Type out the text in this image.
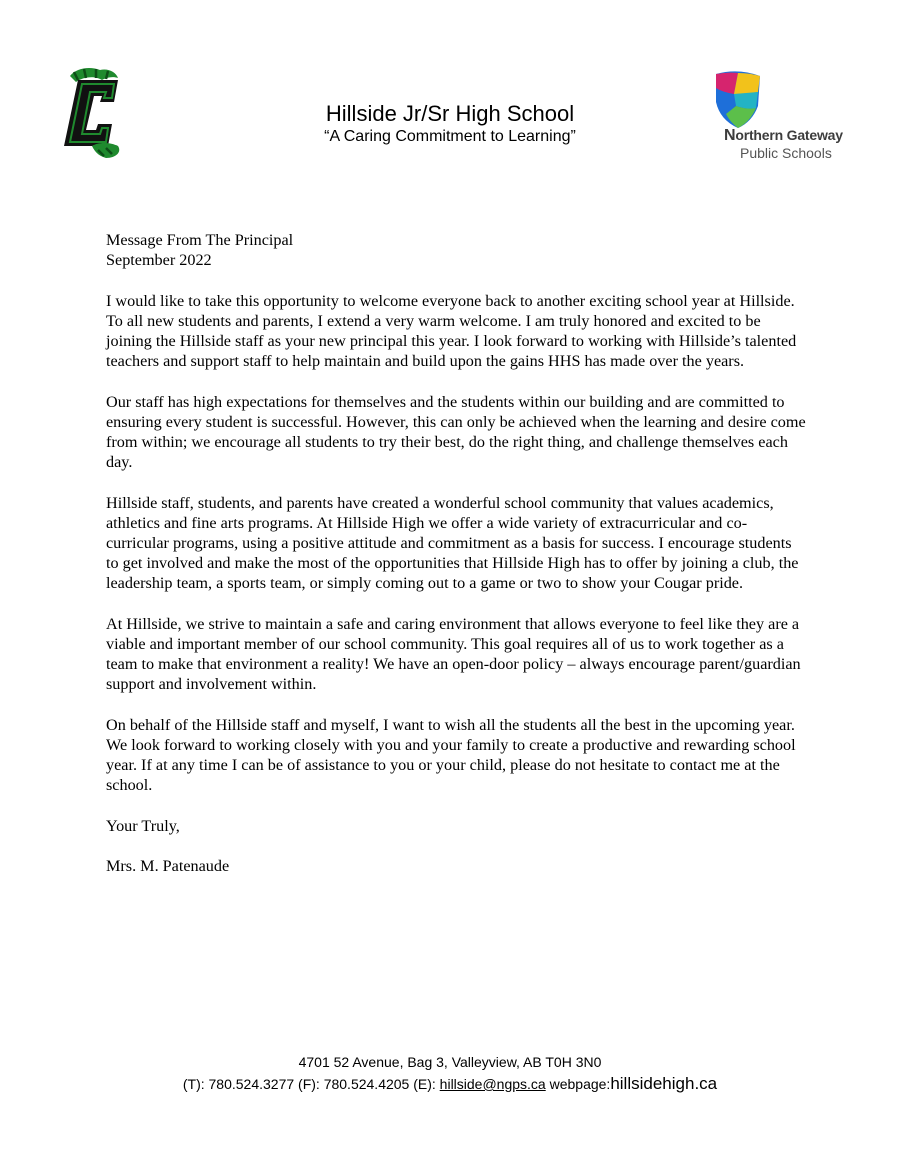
Hillside Jr/Sr High School
“A Caring Commitment to Learning”	Northern Gateway
Public Schools

Message From The Principal

September 2022

I would like to take this opportunity to welcome everyone back to another exciting school year at Hillside. To all new students and parents, I extend a very warm welcome. I am truly honored and excited to be joining the Hillside staff as your new principal this year. I look forward to working with Hillside’s talented teachers and support staff to help maintain and build upon the gains HHS has made over the years.

Our staff has high expectations for themselves and the students within our building and are committed to ensuring every student is successful. However, this can only be achieved when the learning and desire come from within; we encourage all students to try their best, do the right thing, and challenge themselves each day.

Hillside staff, students, and parents have created a wonderful school community that values academics, athletics and fine arts programs. At Hillside High we offer a wide variety of extracurricular and co-curricular programs, using a positive attitude and commitment as a basis for success. I encourage students to get involved and make the most of the opportunities that Hillside High has to offer by joining a club, the leadership team, a sports team, or simply coming out to a game or two to show your Cougar pride.

At Hillside, we strive to maintain a safe and caring environment that allows everyone to feel like they are a viable and important member of our school community. This goal requires all of us to work together as a team to make that environment a reality! We have an open-door policy – always encourage parent/guardian support and involvement within.

On behalf of the Hillside staff and myself, I want to wish all the students all the best in the upcoming year. We look forward to working closely with you and your family to create a productive and rewarding school year. If at any time I can be of assistance to you or your child, please do not hesitate to contact me at the school.

Your Truly,

Mrs. M. Patenaude

4701 52 Avenue, Bag 3, Valleyview, AB T0H 3N0
(T): 780.524.3277 (F): 780.524.4205 (E): hillside@ngps.ca webpage:hillsidehigh.ca
